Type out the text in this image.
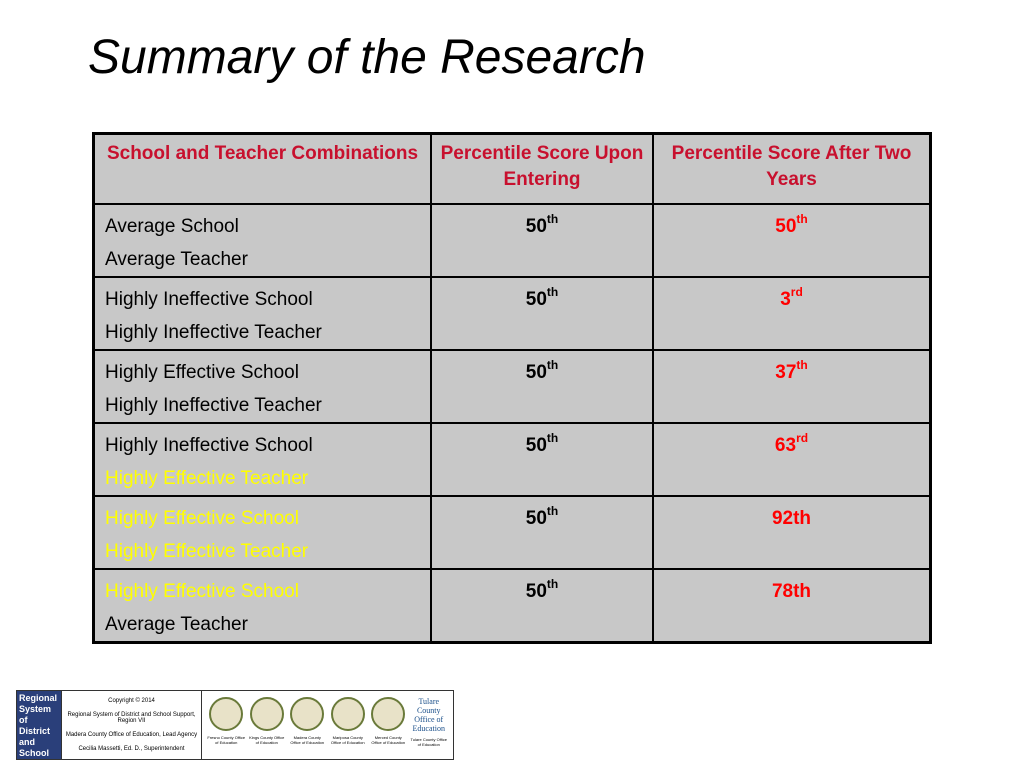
Summary of the Research
School and Teacher Combinations	Percentile Score Upon Entering	Percentile Score After Two Years

Average School
Average Teacher	50th	50th

Highly Ineffective School
Highly Ineffective Teacher	50th	3rd

Highly Effective School
Highly Ineffective Teacher	50th	37th

Highly Ineffective School
Highly Effective Teacher	50th	63rd

Highly Effective School
Highly Effective Teacher	50th	92th

Highly Effective School
Average Teacher	50th	78th
Regional
System of
District and
School
Support
Copyright © 2014
Regional System of District and School Support, Region VII
Madera County Office of Education, Lead Agency
Cecilia Massetti, Ed. D., Superintendent
Fresno County Office of Education
Kings County Office of Education
Madera County Office of Education
Mariposa County Office of Education
Merced County Office of Education
Tulare County Office of Education
Tulare County Office of Education
